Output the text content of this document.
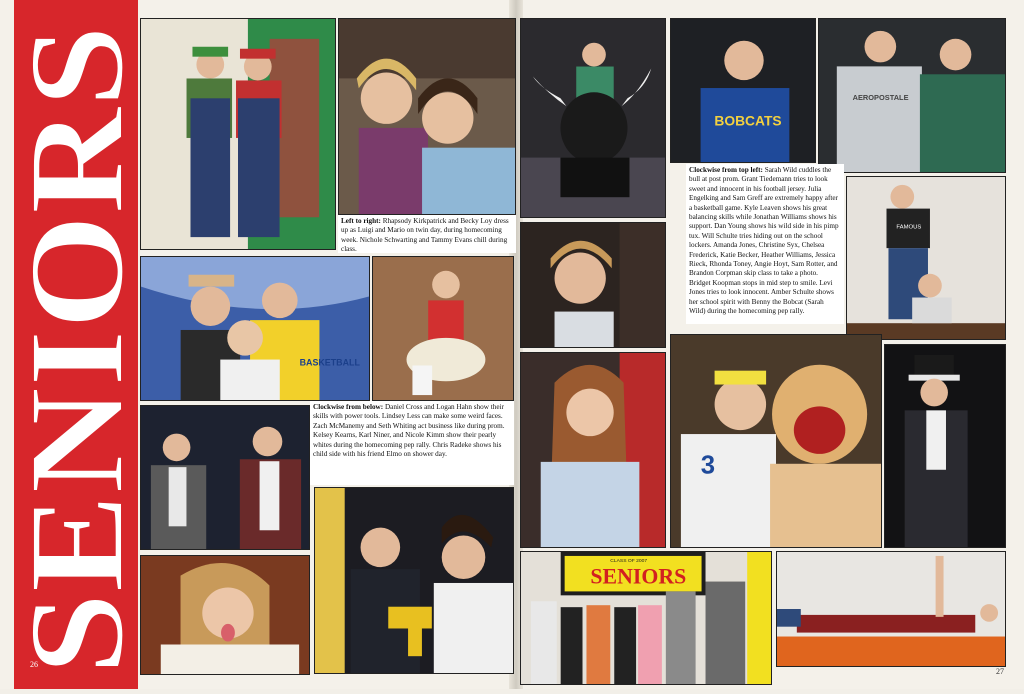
SENIORS
26
Left to right: Rhapsody Kirkpatrick and Becky Loy dress up as Luigi and Mario on twin day, during homecoming week. Nichole Schwarting and Tammy Evans chill during class.
BASKETBALL
Clockwise from below: Daniel Cross and Logan Hahn show their skills with power tools. Lindsey Less can make some weird faces. Zach McManemy and Seth Whiting act business like during prom. Kelsey Kearns, Karl Niner, and Nicole Kimm show their pearly whites during the homecoming pep rally. Chris Radeke shows his child side with his friend Elmo on shower day.
BOBCATS
AEROPOSTALE
Clockwise from top left: Sarah Wild cuddles the bull at post prom. Grant Tiedemann tries to look sweet and innocent in his football jersey. Julia Engelking and Sam Greff are extremely happy after a basketball game. Kyle Leaven shows his great balancing skills while Jonathan Williams shows his support. Dan Young shows his wild side in his pimp tux. Will Schulte tries hiding out on the school lockers. Amanda Jones, Christine Syx, Chelsea Frederick, Katie Becker, Heather Williams, Jessica Rieck, Rhonda Toney, Angie Hoyt, Sam Rotter, and Brandon Corpman skip class to take a photo. Bridget Koopman stops in mid step to smile. Levi Jones tries to look innocent. Amber Schulte shows her school spirit with Benny the Bobcat (Sarah Wild) during the homecoming pep rally.
FAMOUS
3
SENIORS
CLASS OF 2007
27
